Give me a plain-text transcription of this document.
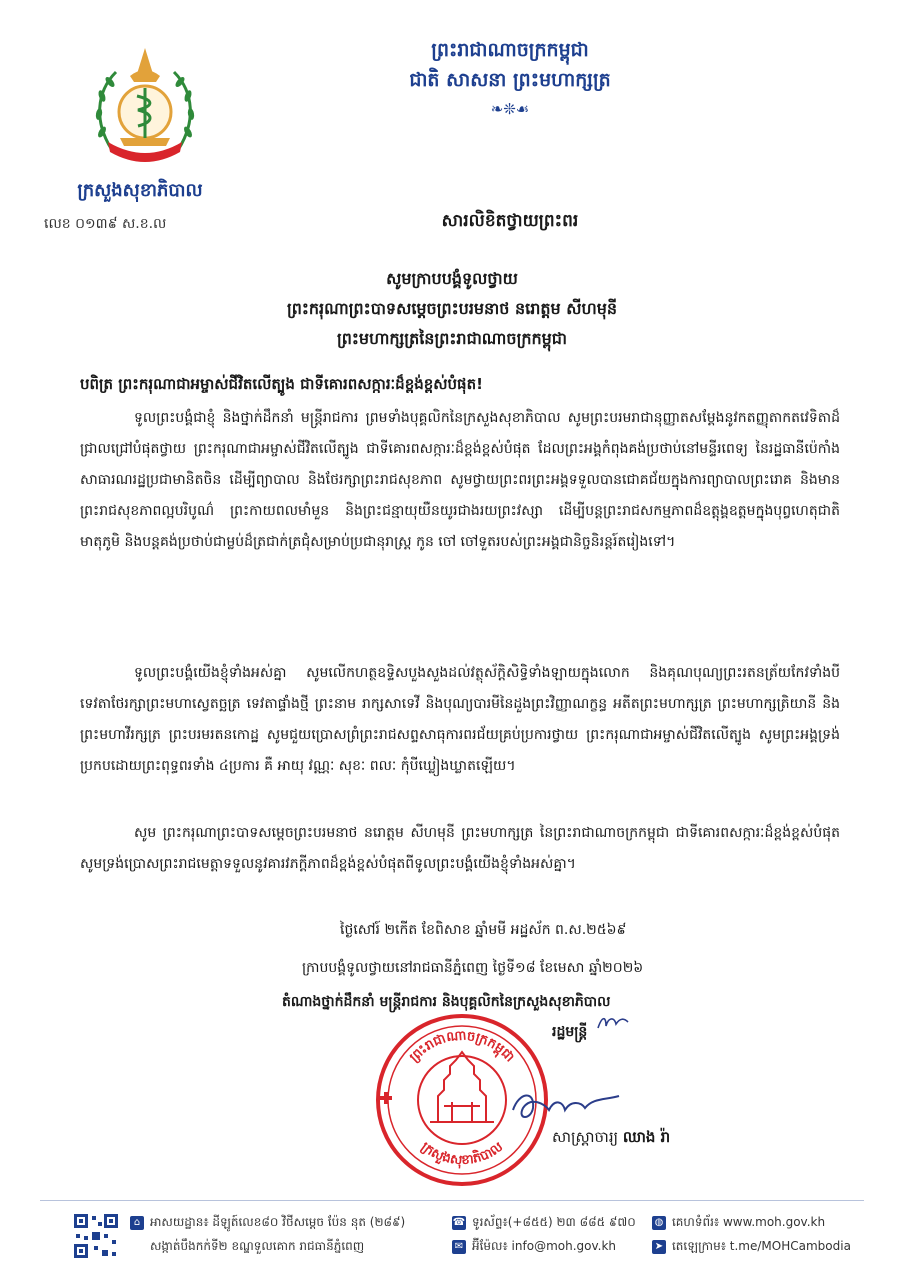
ក្រសួងសុខាភិបាល
លេខ ០១៣៩ ស.ខ.ល
ព្រះរាជាណាចក្រកម្ពុជា
ជាតិ សាសនា ព្រះមហាក្សត្រ
❧❊☙
សារលិខិតថ្វាយព្រះពរ
សូមក្រាបបង្គំទូលថ្វាយ
ព្រះករុណាព្រះបាទសម្តេចព្រះបរមនាថ នរោត្តម សីហមុនី
ព្រះមហាក្សត្រនៃព្រះរាជាណាចក្រកម្ពុជា
បពិត្រ ព្រះករុណាជាអម្ចាស់ជីវិតលើត្បូង ជាទីគោរពសក្ការៈដ៏ខ្ពង់ខ្ពស់បំផុត!
ទូលព្រះបង្គំជាខ្ញុំ និងថ្នាក់ដឹកនាំ មន្ត្រីរាជការ ព្រមទាំងបុគ្គលិកនៃក្រសួងសុខាភិបាល សូមព្រះបរមរាជានុញ្ញាតសម្តែងនូវកតញ្ញុតាកតវេទិតាដ៏ជ្រាលជ្រៅបំផុតថ្វាយ ព្រះករុណាជាអម្ចាស់ជីវិតលើត្បូង ជាទីគោរពសក្ការៈដ៏ខ្ពង់ខ្ពស់បំផុត ដែលព្រះអង្គកំពុងគង់ប្រថាប់នៅមន្ទីរពេទ្យ នៃរដ្ឋធានីប៉េកាំង សាធារណរដ្ឋប្រជាមានិតចិន ដើម្បីព្យាបាល និងថែរក្សាព្រះរាជសុខភាព សូមថ្វាយព្រះពរព្រះអង្គទទួលបានជោគជ័យក្នុងការព្យាបាលព្រះរោគ និងមានព្រះរាជសុខភាពល្អបរិបូណ៌ ព្រះកាយពលមាំមួន និងព្រះជន្មាយុយឺនយូរជាងរយព្រះវស្សា ដើម្បីបន្តព្រះរាជសកម្មភាពដ៏ឧត្តុង្គឧត្តមក្នុងបុព្វហេតុជាតិមាតុភូមិ និងបន្តគង់ប្រថាប់ជាម្លប់ដ៏ត្រជាក់ត្រជុំសម្រាប់ប្រជានុរាស្ត្រ កូន ចៅ ចៅទួតរបស់ព្រះអង្គជានិច្ចនិរន្តរ៍តរៀងទៅ។
ទូលព្រះបង្គំយើងខ្ញុំទាំងអស់គ្នា សូមលើកហត្ថឧទ្ទិសបួងសួងដល់វត្ថុស័ក្តិសិទ្ធិទាំងឡាយក្នុងលោក និងគុណបុណ្យព្រះរតនត្រ័យកែវទាំងបី ទេវតាថែរក្សាព្រះមហាស្វេតច្ឆត្រ ទេវតាផ្ទាំងថ្មី ព្រះនាម រាក្សសាទេវី និងបុណ្យបារមីនៃដួងព្រះវិញ្ញាណក្ខន្ធ អតីតព្រះមហាក្សត្រ ព្រះមហាក្សត្រិយានី និងព្រះមហាវីរក្សត្រ ព្រះបរមរតនកោដ្ឋ សូមជួយប្រោសព្រំព្រះរាជសព្ទសាធុការពរជ័យគ្រប់ប្រការថ្វាយ ព្រះករុណាជាអម្ចាស់ជីវិតលើត្បូង សូមព្រះអង្គទ្រង់ប្រកបដោយព្រះពុទ្ធពរទាំង ៤ប្រការ គឺ អាយុ វណ្ណៈ សុខៈ ពលៈ កុំបីឃ្លៀងឃ្លាតឡើយ។
សូម ព្រះករុណាព្រះបាទសម្តេចព្រះបរមនាថ នរោត្តម សីហមុនី ព្រះមហាក្សត្រ នៃព្រះរាជាណាចក្រកម្ពុជា ជាទីគោរពសក្ការៈដ៏ខ្ពង់ខ្ពស់បំផុត សូមទ្រង់ប្រោសព្រះរាជមេត្តាទទួលនូវគារវភក្តីភាពដ៏ខ្ពង់ខ្ពស់បំផុតពីទូលព្រះបង្គំយើងខ្ញុំទាំងអស់គ្នា។
ថ្ងៃសៅរ៍ ២កើត ខែពិសាខ ឆ្នាំមមី អដ្ឋស័ក ព.ស.២៥៦៩
ក្រាបបង្គំទូលថ្វាយនៅរាជធានីភ្នំពេញ ថ្ងៃទី១៨ ខែមេសា ឆ្នាំ២០២៦
តំណាងថ្នាក់ដឹកនាំ មន្ត្រីរាជការ និងបុគ្គលិកនៃក្រសួងសុខាភិបាល
រដ្ឋមន្ត្រី
ព្រះរាជាណាចក្រកម្ពុជា
ក្រសួងសុខាភិបាល
សាស្ត្រាចារ្យ ឈាង រ៉ា
⌂ អាសយដ្ឋាន៖ ដីឡូត៍លេខ៨០ វិថីសម្តេច ប៉ែន នុត (២៨៩)
សង្កាត់បឹងកក់ទី២ ខណ្ឌទួលគោក រាជធានីភ្នំពេញ
☎ ទូរស័ព្ទ៖(+៨៥៥) ២៣ ៨៨៥ ៩៧០
✉ អ៊ីម៉ែល៖ info@moh.gov.kh
◍ គេហទំព័រ៖ www.moh.gov.kh
➤ តេឡេក្រាម៖ t.me/MOHCambodia
